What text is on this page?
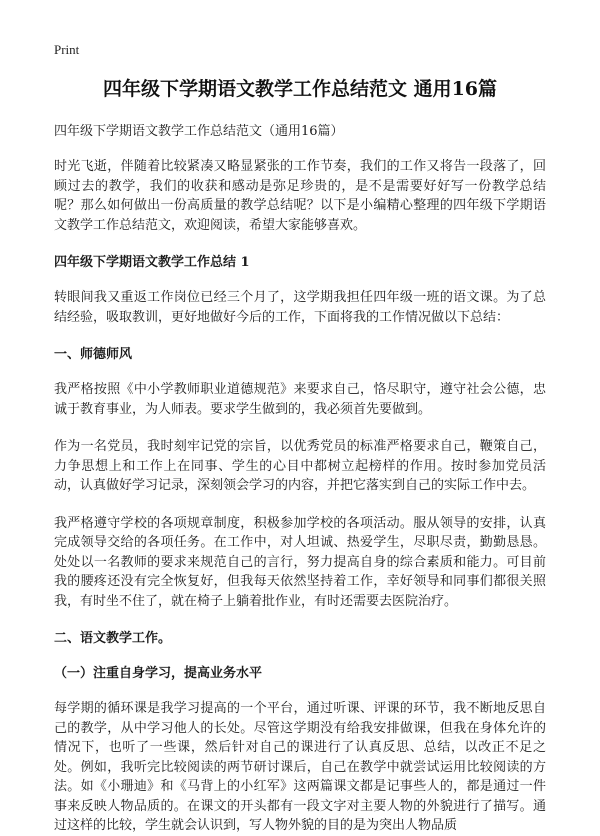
Print
四年级下学期语文教学工作总结范文 通用16篇
四年级下学期语文教学工作总结范文（通用16篇）

时光飞逝，伴随着比较紧凑又略显紧张的工作节奏，我们的工作又将告一段落了，回顾过去的教学，我们的收获和感动是弥足珍贵的，是不是需要好好写一份教学总结呢？那么如何做出一份高质量的教学总结呢？以下是小编精心整理的四年级下学期语文教学工作总结范文，欢迎阅读，希望大家能够喜欢。

四年级下学期语文教学工作总结 1

转眼间我又重返工作岗位已经三个月了，这学期我担任四年级一班的语文课。为了总结经验，吸取教训，更好地做好今后的工作，下面将我的工作情况做以下总结：

一、师德师风

我严格按照《中小学教师职业道德规范》来要求自己，恪尽职守，遵守社会公德，忠诚于教育事业，为人师表。要求学生做到的，我必须首先要做到。

作为一名党员，我时刻牢记党的宗旨，以优秀党员的标准严格要求自己，鞭策自己，力争思想上和工作上在同事、学生的心目中都树立起榜样的作用。按时参加党员活动，认真做好学习记录，深刻领会学习的内容，并把它落实到自己的实际工作中去。

我严格遵守学校的各项规章制度，积极参加学校的各项活动。服从领导的安排，认真完成领导交给的各项任务。在工作中，对人坦诚、热爱学生，尽职尽责，勤勤恳恳。处处以一名教师的要求来规范自己的言行，努力提高自身的综合素质和能力。可目前我的腰疼还没有完全恢复好，但我每天依然坚持着工作，幸好领导和同事们都很关照我，有时坐不住了，就在椅子上躺着批作业，有时还需要去医院治疗。

二、语文教学工作。
（一）注重自身学习，提高业务水平

每学期的循环课是我学习提高的一个平台，通过听课、评课的环节，我不断地反思自己的教学，从中学习他人的长处。尽管这学期没有给我安排做课，但我在身体允许的情况下，也听了一些课，然后针对自己的课进行了认真反思、总结，以改正不足之处。例如，我听完比较阅读的两节研讨课后，自己在教学中就尝试运用比较阅读的方法。如《小珊迪》和《马背上的小红军》这两篇课文都是记事些人的，都是通过一件事来反映人物品质的。在课文的开头都有一段文字对主要人物的外貌进行了描写。通过这样的比较，学生就会认识到，写人物外貌的目的是为突出人物品质
